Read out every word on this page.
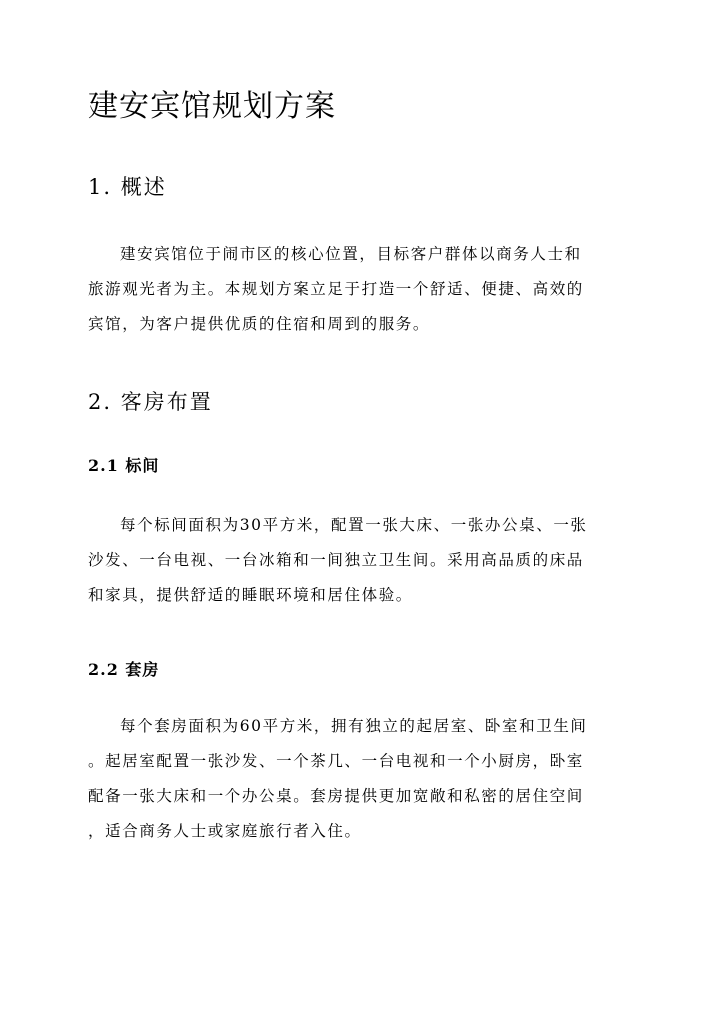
建安宾馆规划方案
1. 概述
建安宾馆位于闹市区的核心位置，目标客户群体以商务人士和
旅游观光者为主。本规划方案立足于打造一个舒适、便捷、高效的
宾馆，为客户提供优质的住宿和周到的服务。
2. 客房布置
2.1 标间
每个标间面积为30平方米，配置一张大床、一张办公桌、一张
沙发、一台电视、一台冰箱和一间独立卫生间。采用高品质的床品
和家具，提供舒适的睡眠环境和居住体验。
2.2 套房
每个套房面积为60平方米，拥有独立的起居室、卧室和卫生间
。起居室配置一张沙发、一个茶几、一台电视和一个小厨房，卧室
配备一张大床和一个办公桌。套房提供更加宽敞和私密的居住空间
，适合商务人士或家庭旅行者入住。
